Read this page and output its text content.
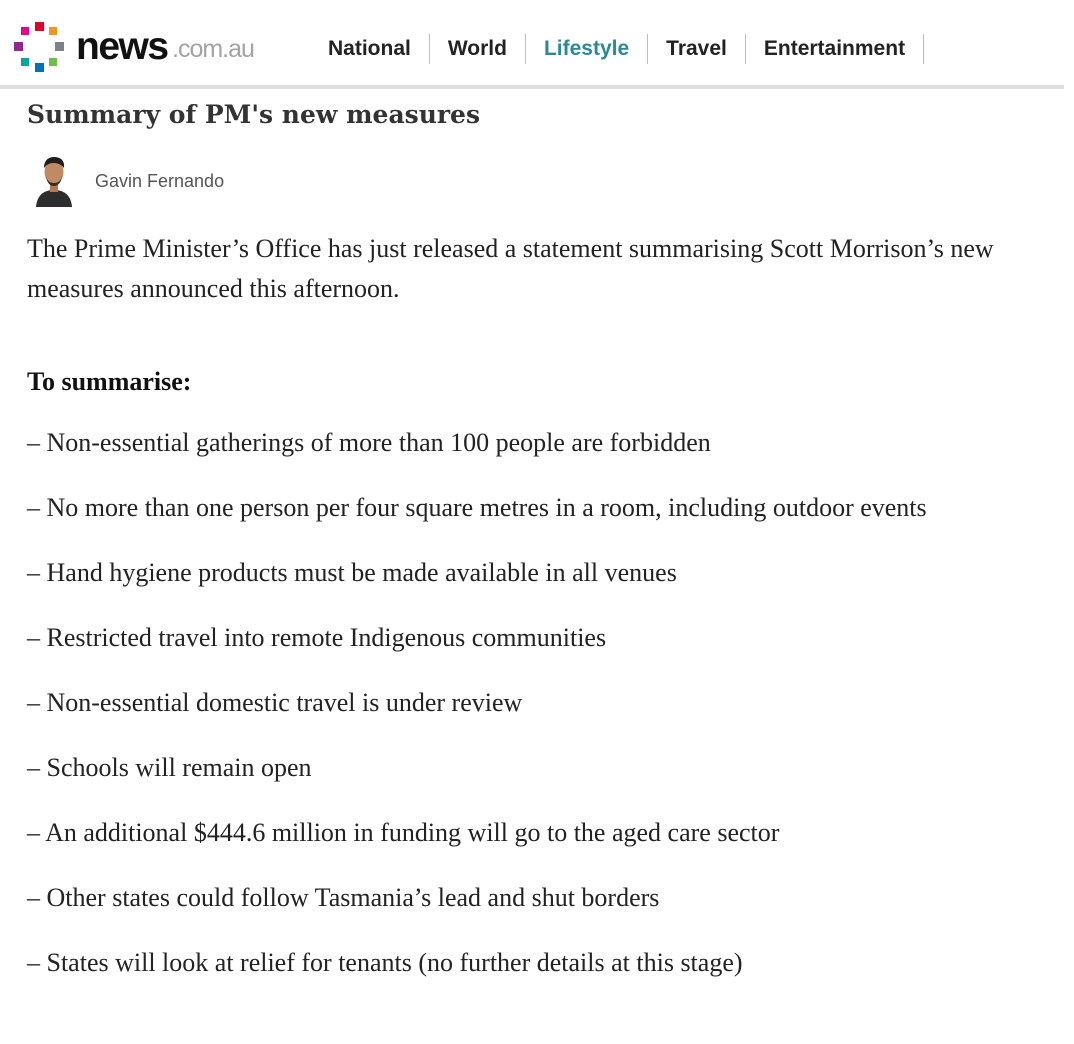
news .com.au	National	World	Lifestyle	Travel	Entertainment
Summary of PM's new measures
Gavin Fernando

The Prime Minister’s Office has just released a statement summarising Scott Morrison’s new measures announced this afternoon.

To summarise:

– Non-essential gatherings of more than 100 people are forbidden
– No more than one person per four square metres in a room, including outdoor events
– Hand hygiene products must be made available in all venues
– Restricted travel into remote Indigenous communities
– Non-essential domestic travel is under review
– Schools will remain open
– An additional $444.6 million in funding will go to the aged care sector
– Other states could follow Tasmania’s lead and shut borders
– States will look at relief for tenants (no further details at this stage)
